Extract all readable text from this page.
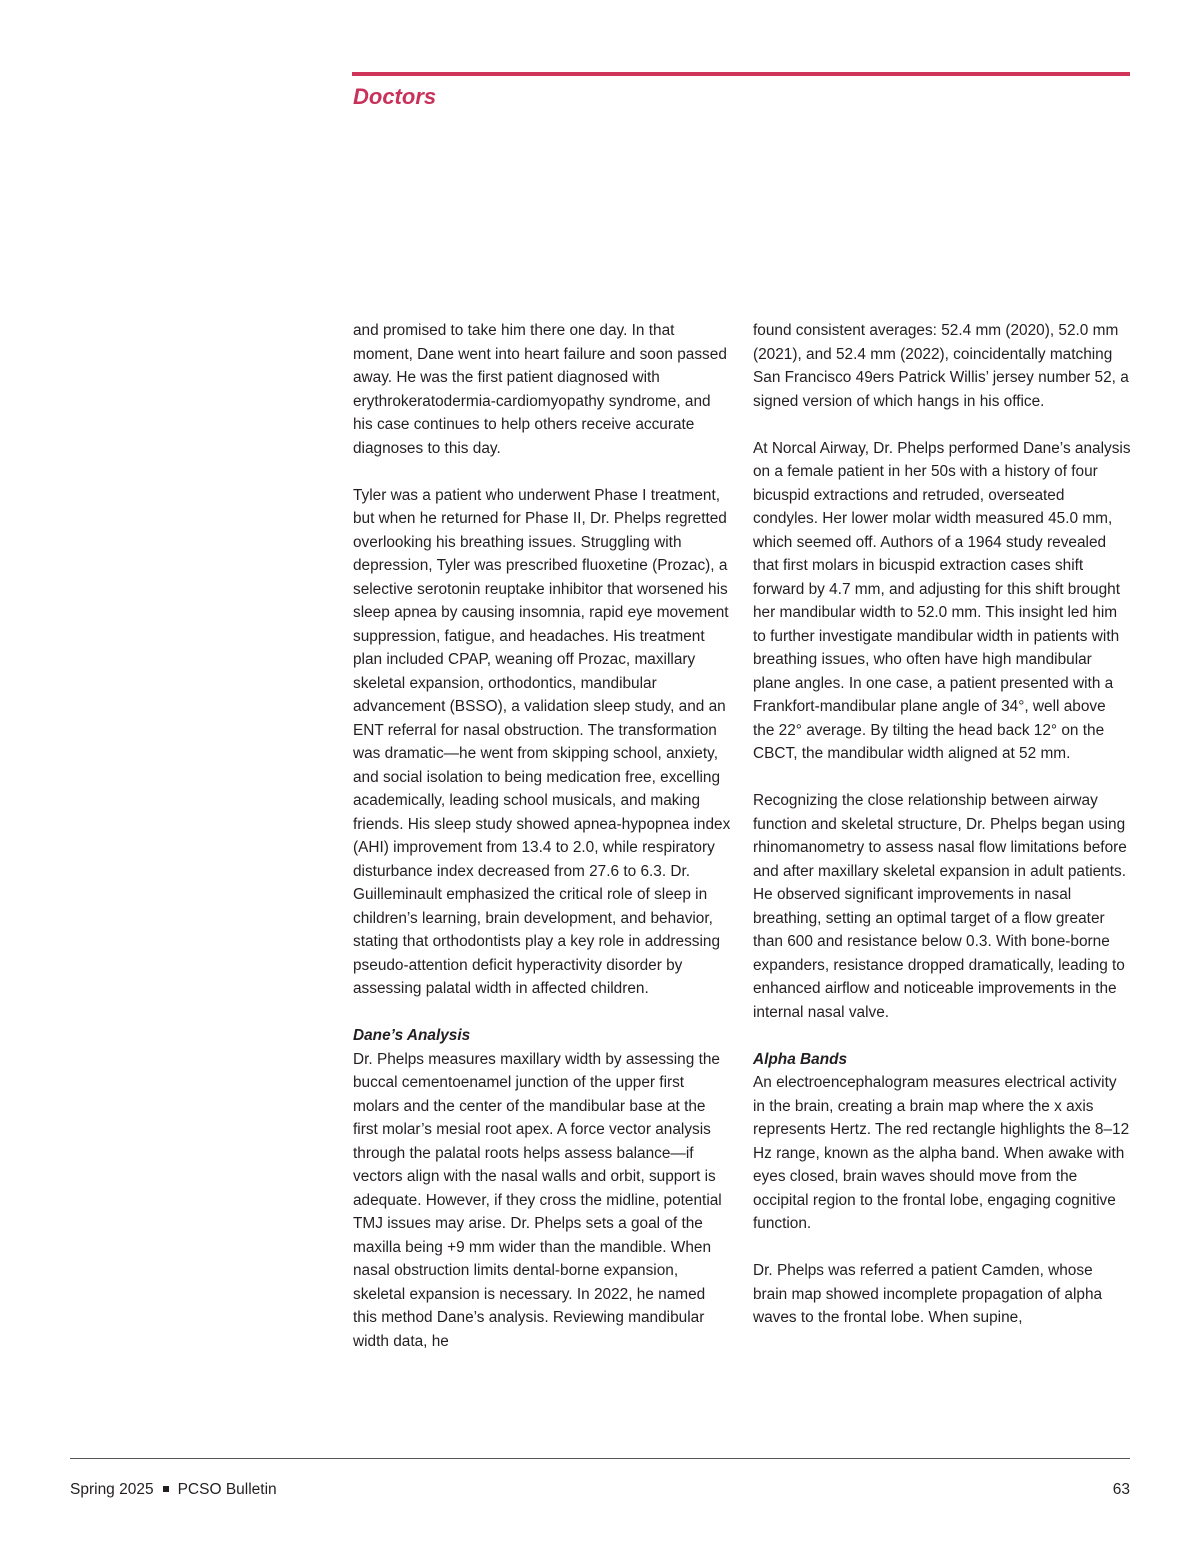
Doctors

and promised to take him there one day. In that moment, Dane went into heart failure and soon passed away. He was the first patient diagnosed with erythrokeratodermia-cardiomyopathy syndrome, and his case continues to help others receive accurate diagnoses to this day.

Tyler was a patient who underwent Phase I treatment, but when he returned for Phase II, Dr. Phelps regretted overlooking his breathing issues. Struggling with depression, Tyler was prescribed fluoxetine (Prozac), a selective serotonin reuptake inhibitor that worsened his sleep apnea by causing insomnia, rapid eye movement suppression, fatigue, and headaches. His treatment plan included CPAP, weaning off Prozac, maxillary skeletal expansion, orthodontics, mandibular advancement (BSSO), a validation sleep study, and an ENT referral for nasal obstruction. The transformation was dramatic—he went from skipping school, anxiety, and social isolation to being medication free, excelling academically, leading school musicals, and making friends. His sleep study showed apnea-hypopnea index (AHI) improvement from 13.4 to 2.0, while respiratory disturbance index decreased from 27.6 to 6.3. Dr. Guilleminault emphasized the critical role of sleep in children’s learning, brain development, and behavior, stating that orthodontists play a key role in addressing pseudo-attention deficit hyperactivity disorder by assessing palatal width in affected children.

Dane’s Analysis

Dr. Phelps measures maxillary width by assessing the buccal cementoenamel junction of the upper first molars and the center of the mandibular base at the first molar’s mesial root apex. A force vector analysis through the palatal roots helps assess balance—if vectors align with the nasal walls and orbit, support is adequate. However, if they cross the midline, potential TMJ issues may arise. Dr. Phelps sets a goal of the maxilla being +9 mm wider than the mandible. When nasal obstruction limits dental-borne expansion, skeletal expansion is necessary. In 2022, he named this method Dane’s analysis. Reviewing mandibular width data, he

found consistent averages: 52.4 mm (2020), 52.0 mm (2021), and 52.4 mm (2022), coincidentally matching San Francisco 49ers Patrick Willis’ jersey number 52, a signed version of which hangs in his office.

At Norcal Airway, Dr. Phelps performed Dane’s analysis on a female patient in her 50s with a history of four bicuspid extractions and retruded, overseated condyles. Her lower molar width measured 45.0 mm, which seemed off. Authors of a 1964 study revealed that first molars in bicuspid extraction cases shift forward by 4.7 mm, and adjusting for this shift brought her mandibular width to 52.0 mm. This insight led him to further investigate mandibular width in patients with breathing issues, who often have high mandibular plane angles. In one case, a patient presented with a Frankfort-mandibular plane angle of 34°, well above the 22° average. By tilting the head back 12° on the CBCT, the mandibular width aligned at 52 mm.

Recognizing the close relationship between airway function and skeletal structure, Dr. Phelps began using rhinomanometry to assess nasal flow limitations before and after maxillary skeletal expansion in adult patients. He observed significant improvements in nasal breathing, setting an optimal target of a flow greater than 600 and resistance below 0.3. With bone-borne expanders, resistance dropped dramatically, leading to enhanced airflow and noticeable improvements in the internal nasal valve.

Alpha Bands

An electroencephalogram measures electrical activity in the brain, creating a brain map where the x axis represents Hertz. The red rectangle highlights the 8–12 Hz range, known as the alpha band. When awake with eyes closed, brain waves should move from the occipital region to the frontal lobe, engaging cognitive function.

Dr. Phelps was referred a patient Camden, whose brain map showed incomplete propagation of alpha waves to the frontal lobe. When supine,

Spring 2025 PCSO Bulletin	63
